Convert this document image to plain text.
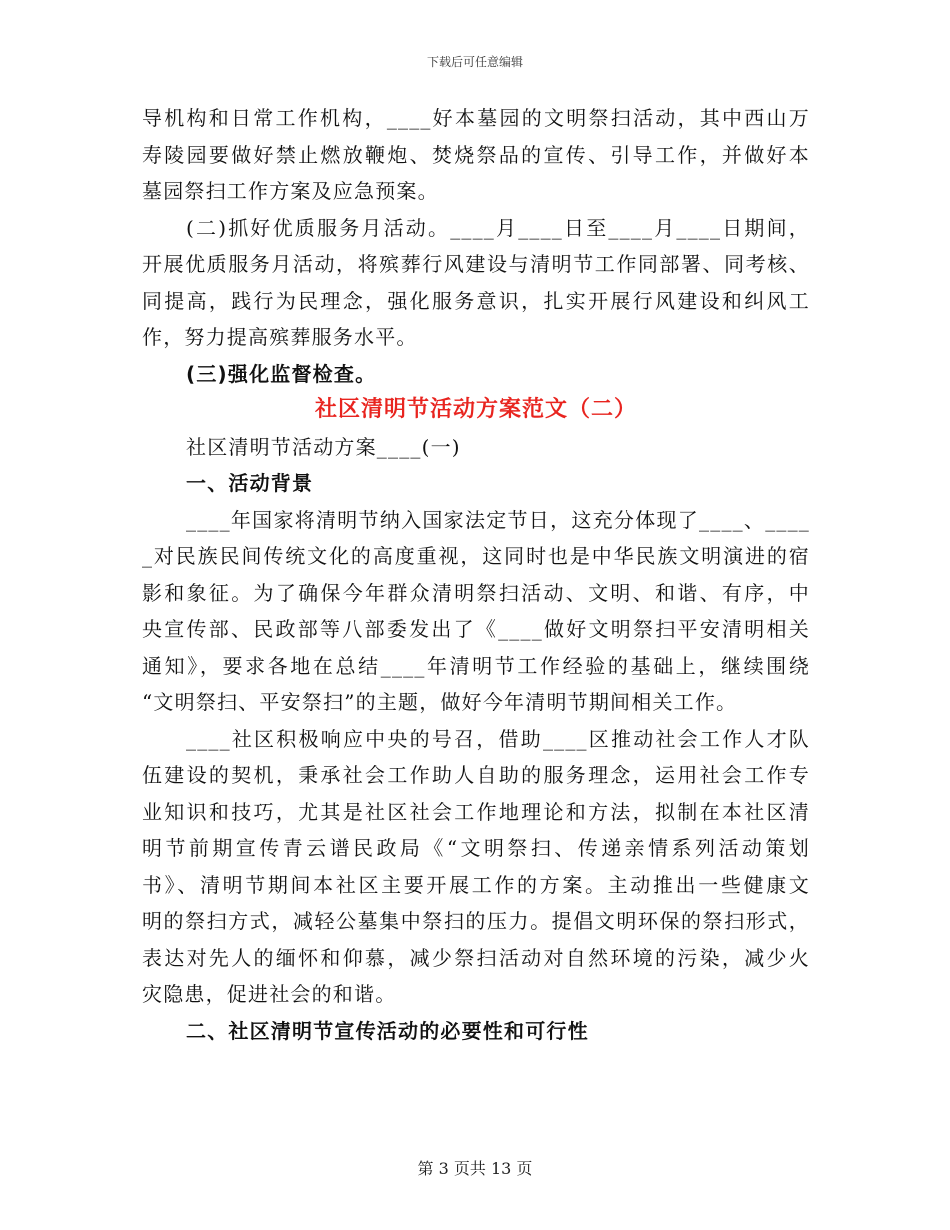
下载后可任意编辑
导机构和日常工作机构，____好本墓园的文明祭扫活动，其中西山万
寿陵园要做好禁止燃放鞭炮、焚烧祭品的宣传、引导工作，并做好本
墓园祭扫工作方案及应急预案。
(二)抓好优质服务月活动。____月____日至____月____日期间，
开展优质服务月活动，将殡葬行风建设与清明节工作同部署、同考核、
同提高，践行为民理念，强化服务意识，扎实开展行风建设和纠风工
作，努力提高殡葬服务水平。
(三)强化监督检查。
社区清明节活动方案范文（二）
社区清明节活动方案____(一)
一、活动背景
____年国家将清明节纳入国家法定节日，这充分体现了____、____
_对民族民间传统文化的高度重视，这同时也是中华民族文明演进的宿
影和象征。为了确保今年群众清明祭扫活动、文明、和谐、有序，中
央宣传部、民政部等八部委发出了《____做好文明祭扫平安清明相关
通知》，要求各地在总结____年清明节工作经验的基础上，继续围绕
“文明祭扫、平安祭扫”的主题，做好今年清明节期间相关工作。
____社区积极响应中央的号召，借助____区推动社会工作人才队
伍建设的契机，秉承社会工作助人自助的服务理念，运用社会工作专
业知识和技巧，尤其是社区社会工作地理论和方法，拟制在本社区清
明节前期宣传青云谱民政局《“文明祭扫、传递亲情系列活动策划
书》、清明节期间本社区主要开展工作的方案。主动推出一些健康文
明的祭扫方式，减轻公墓集中祭扫的压力。提倡文明环保的祭扫形式，
表达对先人的缅怀和仰慕，减少祭扫活动对自然环境的污染，减少火
灾隐患，促进社会的和谐。
二、社区清明节宣传活动的必要性和可行性
第 3 页共 13 页
